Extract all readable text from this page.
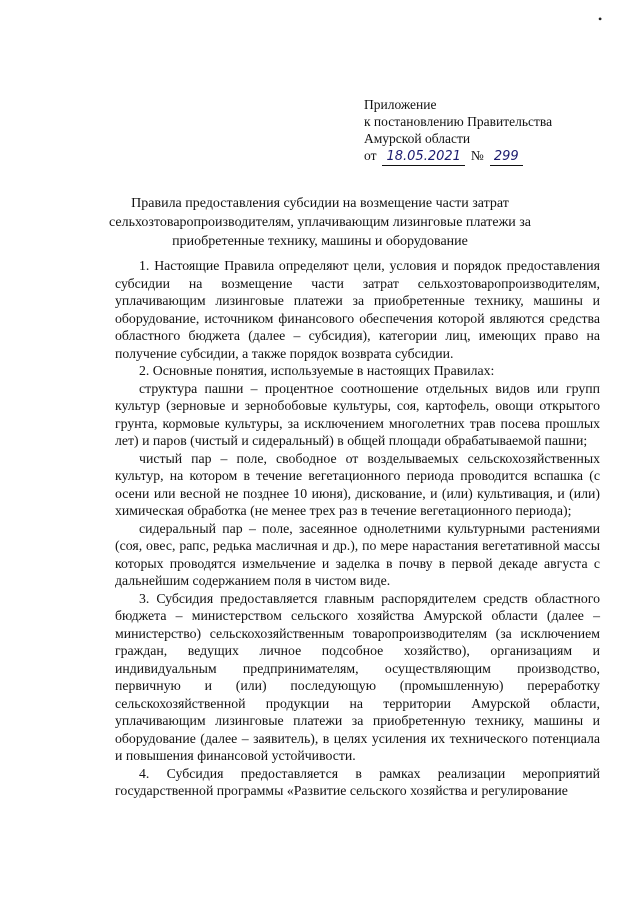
•
Приложение
к постановлению Правительства
Амурской области
от 18.05.2021 № 299
Правила предоставления субсидии на возмещение части затрат сельхозтоваропроизводителям, уплачивающим лизинговые платежи за приобретенные технику, машины и оборудование

1. Настоящие Правила определяют цели, условия и порядок предоставления субсидии на возмещение части затрат сельхозтоваропроизводителям, уплачивающим лизинговые платежи за приобретенные технику, машины и оборудование, источником финансового обеспечения которой являются средства областного бюджета (далее – субсидия), категории лиц, имеющих право на получение субсидии, а также порядок возврата субсидии.

2. Основные понятия, используемые в настоящих Правилах:

структура пашни – процентное соотношение отдельных видов или групп культур (зерновые и зернобобовые культуры, соя, картофель, овощи открытого грунта, кормовые культуры, за исключением многолетних трав посева прошлых лет) и паров (чистый и сидеральный) в общей площади обрабатываемой пашни;

чистый пар – поле, свободное от возделываемых сельскохозяйственных культур, на котором в течение вегетационного периода проводится вспашка (с осени или весной не позднее 10 июня), дискование, и (или) культивация, и (или) химическая обработка (не менее трех раз в течение вегетационного периода);

сидеральный пар – поле, засеянное однолетними культурными растениями (соя, овес, рапс, редька масличная и др.), по мере нарастания вегетативной массы которых проводятся измельчение и заделка в почву в первой декаде августа с дальнейшим содержанием поля в чистом виде.

3. Субсидия предоставляется главным распорядителем средств областного бюджета – министерством сельского хозяйства Амурской области (далее – министерство) сельскохозяйственным товаропроизводителям (за исключением граждан, ведущих личное подсобное хозяйство), организациям и индивидуальным предпринимателям, осуществляющим производство, первичную и (или) последующую (промышленную) переработку сельскохозяйственной продукции на территории Амурской области, уплачивающим лизинговые платежи за приобретенную технику, машины и оборудование (далее – заявитель), в целях усиления их технического потенциала и повышения финансовой устойчивости.

4. Субсидия предоставляется в рамках реализации мероприятий государственной программы «Развитие сельского хозяйства и регулирование
